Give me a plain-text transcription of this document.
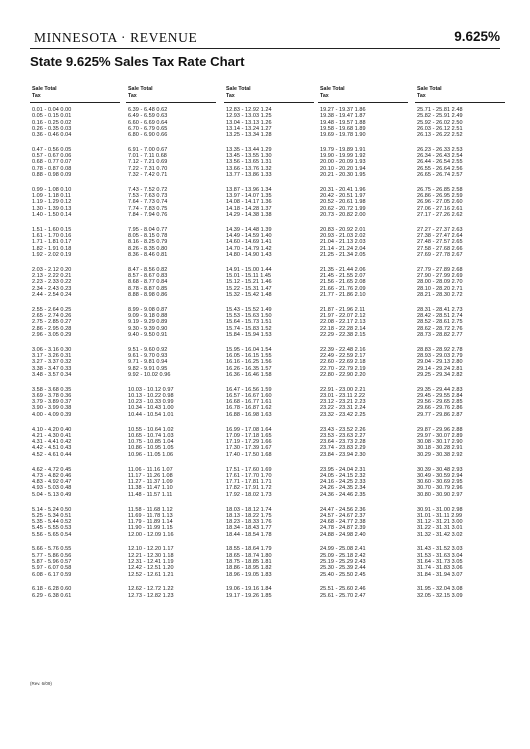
MINNESOTA · REVENUE	9.625%
State 9.625% Sales Tax Rate Chart
Sale Total
Tax
0.01 - 0.04 0.00
0.05 - 0.15 0.01
0.16 - 0.25 0.02
0.26 - 0.35 0.03
0.36 - 0.46 0.04
0.47 - 0.56 0.05
0.57 - 0.67 0.06
0.68 - 0.77 0.07
0.78 - 0.87 0.08
0.88 - 0.98 0.09
0.99 - 1.08 0.10
1.09 - 1.18 0.11
1.19 - 1.29 0.12
1.30 - 1.39 0.13
1.40 - 1.50 0.14
1.51 - 1.60 0.15
1.61 - 1.70 0.16
1.71 - 1.81 0.17
1.82 - 1.91 0.18
1.92 - 2.02 0.19
2.03 - 2.12 0.20
2.13 - 2.22 0.21
2.23 - 2.33 0.22
2.34 - 2.43 0.23
2.44 - 2.54 0.24
2.55 - 2.64 0.25
2.65 - 2.74 0.26
2.75 - 2.85 0.27
2.86 - 2.95 0.28
2.96 - 3.05 0.29
3.06 - 3.16 0.30
3.17 - 3.26 0.31
3.27 - 3.37 0.32
3.38 - 3.47 0.33
3.48 - 3.57 0.34
3.58 - 3.68 0.35
3.69 - 3.78 0.36
3.79 - 3.89 0.37
3.90 - 3.99 0.38
4.00 - 4.09 0.39
4.10 - 4.20 0.40
4.21 - 4.30 0.41
4.31 - 4.41 0.42
4.42 - 4.51 0.43
4.52 - 4.61 0.44
4.62 - 4.72 0.45
4.73 - 4.82 0.46
4.83 - 4.92 0.47
4.93 - 5.03 0.48
5.04 - 5.13 0.49
5.14 - 5.24 0.50
5.25 - 5.34 0.51
5.35 - 5.44 0.52
5.45 - 5.55 0.53
5.56 - 5.65 0.54
5.66 - 5.76 0.55
5.77 - 5.86 0.56
5.87 - 5.96 0.57
5.97 - 6.07 0.58
6.08 - 6.17 0.59
6.18 - 6.28 0.60
6.29 - 6.38 0.61
Sale Total
Tax
6.39 - 6.48 0.62
6.49 - 6.59 0.63
6.60 - 6.69 0.64
6.70 - 6.79 0.65
6.80 - 6.90 0.66
6.91 - 7.00 0.67
7.01 - 7.11 0.68
7.12 - 7.21 0.69
7.22 - 7.31 0.70
7.32 - 7.42 0.71
7.43 - 7.52 0.72
7.53 - 7.63 0.73
7.64 - 7.73 0.74
7.74 - 7.83 0.75
7.84 - 7.94 0.76
7.95 - 8.04 0.77
8.05 - 8.15 0.78
8.16 - 8.25 0.79
8.26 - 8.35 0.80
8.36 - 8.46 0.81
8.47 - 8.56 0.82
8.57 - 8.67 0.83
8.68 - 8.77 0.84
8.78 - 8.87 0.85
8.88 - 8.98 0.86
8.99 - 9.08 0.87
9.09 - 9.18 0.88
9.19 - 9.29 0.89
9.30 - 9.39 0.90
9.40 - 9.50 0.91
9.51 - 9.60 0.92
9.61 - 9.70 0.93
9.71 - 9.81 0.94
9.82 - 9.91 0.95
9.92 - 10.02 0.96
10.03 - 10.12 0.97
10.13 - 10.22 0.98
10.23 - 10.33 0.99
10.34 - 10.43 1.00
10.44 - 10.54 1.01
10.55 - 10.64 1.02
10.65 - 10.74 1.03
10.75 - 10.85 1.04
10.86 - 10.95 1.05
10.96 - 11.05 1.06
11.06 - 11.16 1.07
11.17 - 11.26 1.08
11.27 - 11.37 1.09
11.38 - 11.47 1.10
11.48 - 11.57 1.11
11.58 - 11.68 1.12
11.69 - 11.78 1.13
11.79 - 11.89 1.14
11.90 - 11.99 1.15
12.00 - 12.09 1.16
12.10 - 12.20 1.17
12.21 - 12.30 1.18
12.31 - 12.41 1.19
12.42 - 12.51 1.20
12.52 - 12.61 1.21
12.62 - 12.72 1.22
12.73 - 12.82 1.23
Sale Total
Tax
12.83 - 12.92 1.24
12.93 - 13.03 1.25
13.04 - 13.13 1.26
13.14 - 13.24 1.27
13.25 - 13.34 1.28
13.35 - 13.44 1.29
13.45 - 13.55 1.30
13.56 - 13.65 1.31
13.66 - 13.76 1.32
13.77 - 13.86 1.33
13.87 - 13.96 1.34
13.97 - 14.07 1.35
14.08 - 14.17 1.36
14.18 - 14.28 1.37
14.29 - 14.38 1.38
14.39 - 14.48 1.39
14.49 - 14.59 1.40
14.60 - 14.69 1.41
14.70 - 14.79 1.42
14.80 - 14.90 1.43
14.91 - 15.00 1.44
15.01 - 15.11 1.45
15.12 - 15.21 1.46
15.22 - 15.31 1.47
15.32 - 15.42 1.48
15.43 - 15.52 1.49
15.53 - 15.63 1.50
15.64 - 15.73 1.51
15.74 - 15.83 1.52
15.84 - 15.94 1.53
15.95 - 16.04 1.54
16.05 - 16.15 1.55
16.16 - 16.25 1.56
16.26 - 16.35 1.57
16.36 - 16.46 1.58
16.47 - 16.56 1.59
16.57 - 16.67 1.60
16.68 - 16.77 1.61
16.78 - 16.87 1.62
16.88 - 16.98 1.63
16.99 - 17.08 1.64
17.09 - 17.18 1.65
17.19 - 17.29 1.66
17.30 - 17.39 1.67
17.40 - 17.50 1.68
17.51 - 17.60 1.69
17.61 - 17.70 1.70
17.71 - 17.81 1.71
17.82 - 17.91 1.72
17.92 - 18.02 1.73
18.03 - 18.12 1.74
18.13 - 18.22 1.75
18.23 - 18.33 1.76
18.34 - 18.43 1.77
18.44 - 18.54 1.78
18.55 - 18.64 1.79
18.65 - 18.74 1.80
18.75 - 18.85 1.81
18.86 - 18.95 1.82
18.96 - 19.05 1.83
19.06 - 19.16 1.84
19.17 - 19.26 1.85
Sale Total
Tax
19.27 - 19.37 1.86
19.38 - 19.47 1.87
19.48 - 19.57 1.88
19.58 - 19.68 1.89
19.69 - 19.78 1.90
19.79 - 19.89 1.91
19.90 - 19.99 1.92
20.00 - 20.09 1.93
20.10 - 20.20 1.94
20.21 - 20.30 1.95
20.31 - 20.41 1.96
20.42 - 20.51 1.97
20.52 - 20.61 1.98
20.62 - 20.72 1.99
20.73 - 20.82 2.00
20.83 - 20.92 2.01
20.93 - 21.03 2.02
21.04 - 21.13 2.03
21.14 - 21.24 2.04
21.25 - 21.34 2.05
21.35 - 21.44 2.06
21.45 - 21.55 2.07
21.56 - 21.65 2.08
21.66 - 21.76 2.09
21.77 - 21.86 2.10
21.87 - 21.96 2.11
21.97 - 22.07 2.12
22.08 - 22.17 2.13
22.18 - 22.28 2.14
22.29 - 22.38 2.15
22.39 - 22.48 2.16
22.49 - 22.59 2.17
22.60 - 22.69 2.18
22.70 - 22.79 2.19
22.80 - 22.90 2.20
22.91 - 23.00 2.21
23.01 - 23.11 2.22
23.12 - 23.21 2.23
23.22 - 23.31 2.24
23.32 - 23.42 2.25
23.43 - 23.52 2.26
23.53 - 23.63 2.27
23.64 - 23.73 2.28
23.74 - 23.83 2.29
23.84 - 23.94 2.30
23.95 - 24.04 2.31
24.05 - 24.15 2.32
24.16 - 24.25 2.33
24.26 - 24.35 2.34
24.36 - 24.46 2.35
24.47 - 24.56 2.36
24.57 - 24.67 2.37
24.68 - 24.77 2.38
24.78 - 24.87 2.39
24.88 - 24.98 2.40
24.99 - 25.08 2.41
25.09 - 25.18 2.42
25.19 - 25.29 2.43
25.30 - 25.39 2.44
25.40 - 25.50 2.45
25.51 - 25.60 2.46
25.61 - 25.70 2.47
Sale Total
Tax
25.71 - 25.81 2.48
25.82 - 25.91 2.49
25.92 - 26.02 2.50
26.03 - 26.12 2.51
26.13 - 26.22 2.52
26.23 - 26.33 2.53
26.34 - 26.43 2.54
26.44 - 26.54 2.55
26.55 - 26.64 2.56
26.65 - 26.74 2.57
26.75 - 26.85 2.58
26.86 - 26.95 2.59
26.96 - 27.05 2.60
27.06 - 27.16 2.61
27.17 - 27.26 2.62
27.27 - 27.37 2.63
27.38 - 27.47 2.64
27.48 - 27.57 2.65
27.58 - 27.68 2.66
27.69 - 27.78 2.67
27.79 - 27.89 2.68
27.90 - 27.99 2.69
28.00 - 28.09 2.70
28.10 - 28.20 2.71
28.21 - 28.30 2.72
28.31 - 28.41 2.73
28.42 - 28.51 2.74
28.52 - 28.61 2.75
28.62 - 28.72 2.76
28.73 - 28.82 2.77
28.83 - 28.92 2.78
28.93 - 29.03 2.79
29.04 - 29.13 2.80
29.14 - 29.24 2.81
29.25 - 29.34 2.82
29.35 - 29.44 2.83
29.45 - 29.55 2.84
29.56 - 29.65 2.85
29.66 - 29.76 2.86
29.77 - 29.86 2.87
29.87 - 29.96 2.88
29.97 - 30.07 2.89
30.08 - 30.17 2.90
30.18 - 30.28 2.91
30.29 - 30.38 2.92
30.39 - 30.48 2.93
30.49 - 30.59 2.94
30.60 - 30.69 2.95
30.70 - 30.79 2.96
30.80 - 30.90 2.97
30.91 - 31.00 2.98
31.01 - 31.11 2.99
31.12 - 31.21 3.00
31.22 - 31.31 3.01
31.32 - 31.42 3.02
31.43 - 31.52 3.03
31.53 - 31.63 3.04
31.64 - 31.73 3.05
31.74 - 31.83 3.06
31.84 - 31.94 3.07
31.95 - 32.04 3.08
32.05 - 32.15 3.09
(Rev. 6/09)
